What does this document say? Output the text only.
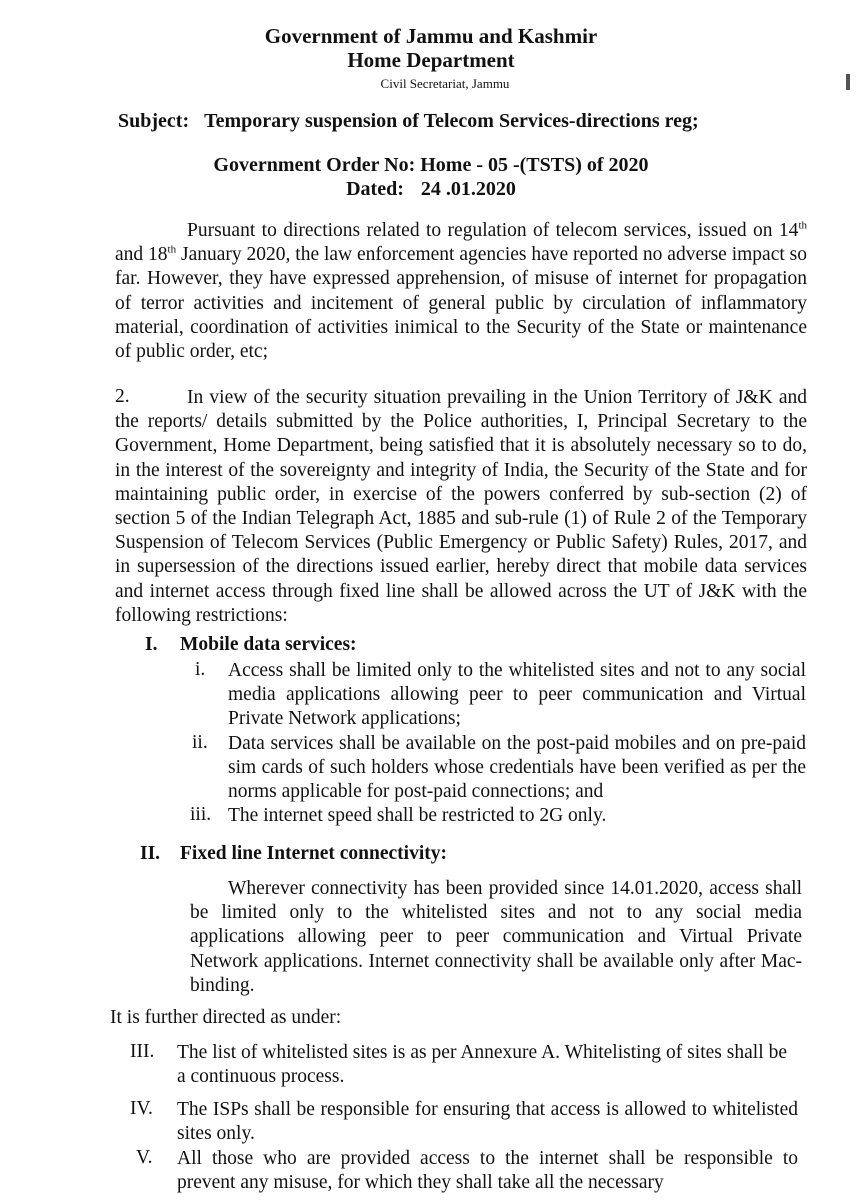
Government of Jammu and Kashmir
Home Department
Civil Secretariat, Jammu
Subject: Temporary suspension of Telecom Services-directions reg;
Government Order No: Home - 05 -(TSTS) of 2020
Dated: 24 .01.2020
Pursuant to directions related to regulation of telecom services, issued on 14th and 18th January 2020, the law enforcement agencies have reported no adverse impact so far. However, they have expressed apprehension, of misuse of internet for propagation of terror activities and incitement of general public by circulation of inflammatory material, coordination of activities inimical to the Security of the State or maintenance of public order, etc;
2.	In view of the security situation prevailing in the Union Territory of J&K and the reports/ details submitted by the Police authorities, I, Principal Secretary to the Government, Home Department, being satisfied that it is absolutely necessary so to do, in the interest of the sovereignty and integrity of India, the Security of the State and for maintaining public order, in exercise of the powers conferred by sub-section (2) of section 5 of the Indian Telegraph Act, 1885 and sub-rule (1) of Rule 2 of the Temporary Suspension of Telecom Services (Public Emergency or Public Safety) Rules, 2017, and in supersession of the directions issued earlier, hereby direct that mobile data services and internet access through fixed line shall be allowed across the UT of J&K with the following restrictions:
I. Mobile data services:
i. Access shall be limited only to the whitelisted sites and not to any social media applications allowing peer to peer communication and Virtual Private Network applications;
ii. Data services shall be available on the post-paid mobiles and on pre-paid sim cards of such holders whose credentials have been verified as per the norms applicable for post-paid connections; and
iii. The internet speed shall be restricted to 2G only.
II. Fixed line Internet connectivity:
Wherever connectivity has been provided since 14.01.2020, access shall be limited only to the whitelisted sites and not to any social media applications allowing peer to peer communication and Virtual Private Network applications. Internet connectivity shall be available only after Mac-binding.
It is further directed as under:
III. The list of whitelisted sites is as per Annexure A. Whitelisting of sites shall be a continuous process.
IV. The ISPs shall be responsible for ensuring that access is allowed to whitelisted sites only.
V. All those who are provided access to the internet shall be responsible to prevent any misuse, for which they shall take all the necessary
